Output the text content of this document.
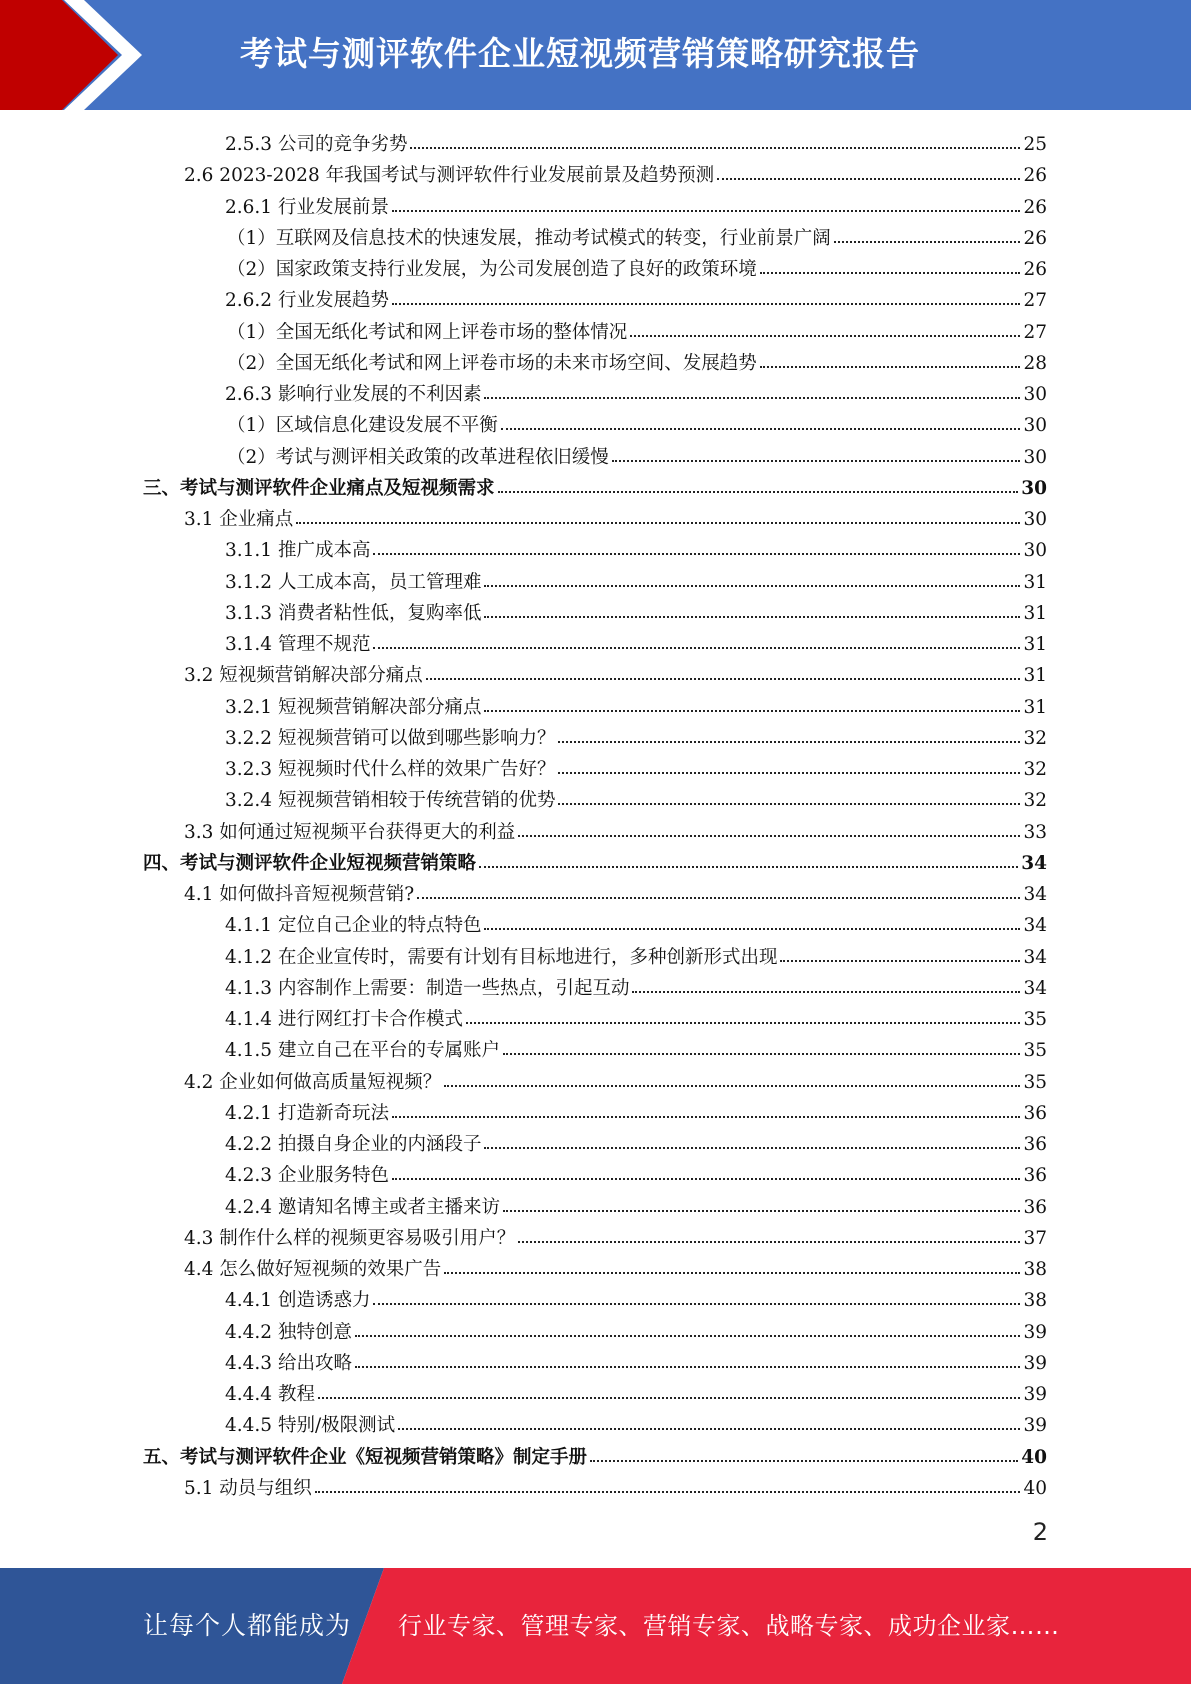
考试与测评软件企业短视频营销策略研究报告
2.5.3 公司的竞争劣势	25
2.6 2023-2028 年我国考试与测评软件行业发展前景及趋势预测	26
2.6.1 行业发展前景	26
（1）互联网及信息技术的快速发展，推动考试模式的转变，行业前景广阔	26
（2）国家政策支持行业发展，为公司发展创造了良好的政策环境	26
2.6.2 行业发展趋势	27
（1）全国无纸化考试和网上评卷市场的整体情况	27
（2）全国无纸化考试和网上评卷市场的未来市场空间、发展趋势	28
2.6.3 影响行业发展的不利因素	30
（1）区域信息化建设发展不平衡	30
（2）考试与测评相关政策的改革进程依旧缓慢	30
三、考试与测评软件企业痛点及短视频需求	30
3.1 企业痛点	30
3.1.1 推广成本高	30
3.1.2 人工成本高，员工管理难	31
3.1.3 消费者粘性低，复购率低	31
3.1.4 管理不规范	31
3.2 短视频营销解决部分痛点	31
3.2.1 短视频营销解决部分痛点	31
3.2.2 短视频营销可以做到哪些影响力？	32
3.2.3 短视频时代什么样的效果广告好？	32
3.2.4 短视频营销相较于传统营销的优势	32
3.3 如何通过短视频平台获得更大的利益	33
四、考试与测评软件企业短视频营销策略	34
4.1 如何做抖音短视频营销?	34
4.1.1 定位自己企业的特点特色	34
4.1.2 在企业宣传时，需要有计划有目标地进行，多种创新形式出现	34
4.1.3 内容制作上需要：制造一些热点，引起互动	34
4.1.4 进行网红打卡合作模式	35
4.1.5 建立自己在平台的专属账户	35
4.2 企业如何做高质量短视频？	35
4.2.1 打造新奇玩法	36
4.2.2 拍摄自身企业的内涵段子	36
4.2.3 企业服务特色	36
4.2.4 邀请知名博主或者主播来访	36
4.3 制作什么样的视频更容易吸引用户？	37
4.4 怎么做好短视频的效果广告	38
4.4.1 创造诱惑力	38
4.4.2 独特创意	39
4.4.3 给出攻略	39
4.4.4 教程	39
4.4.5 特别/极限测试	39
五、考试与测评软件企业《短视频营销策略》制定手册	40
5.1 动员与组织	40
2
让每个人都能成为 行业专家、管理专家、营销专家、战略专家、成功企业家……
